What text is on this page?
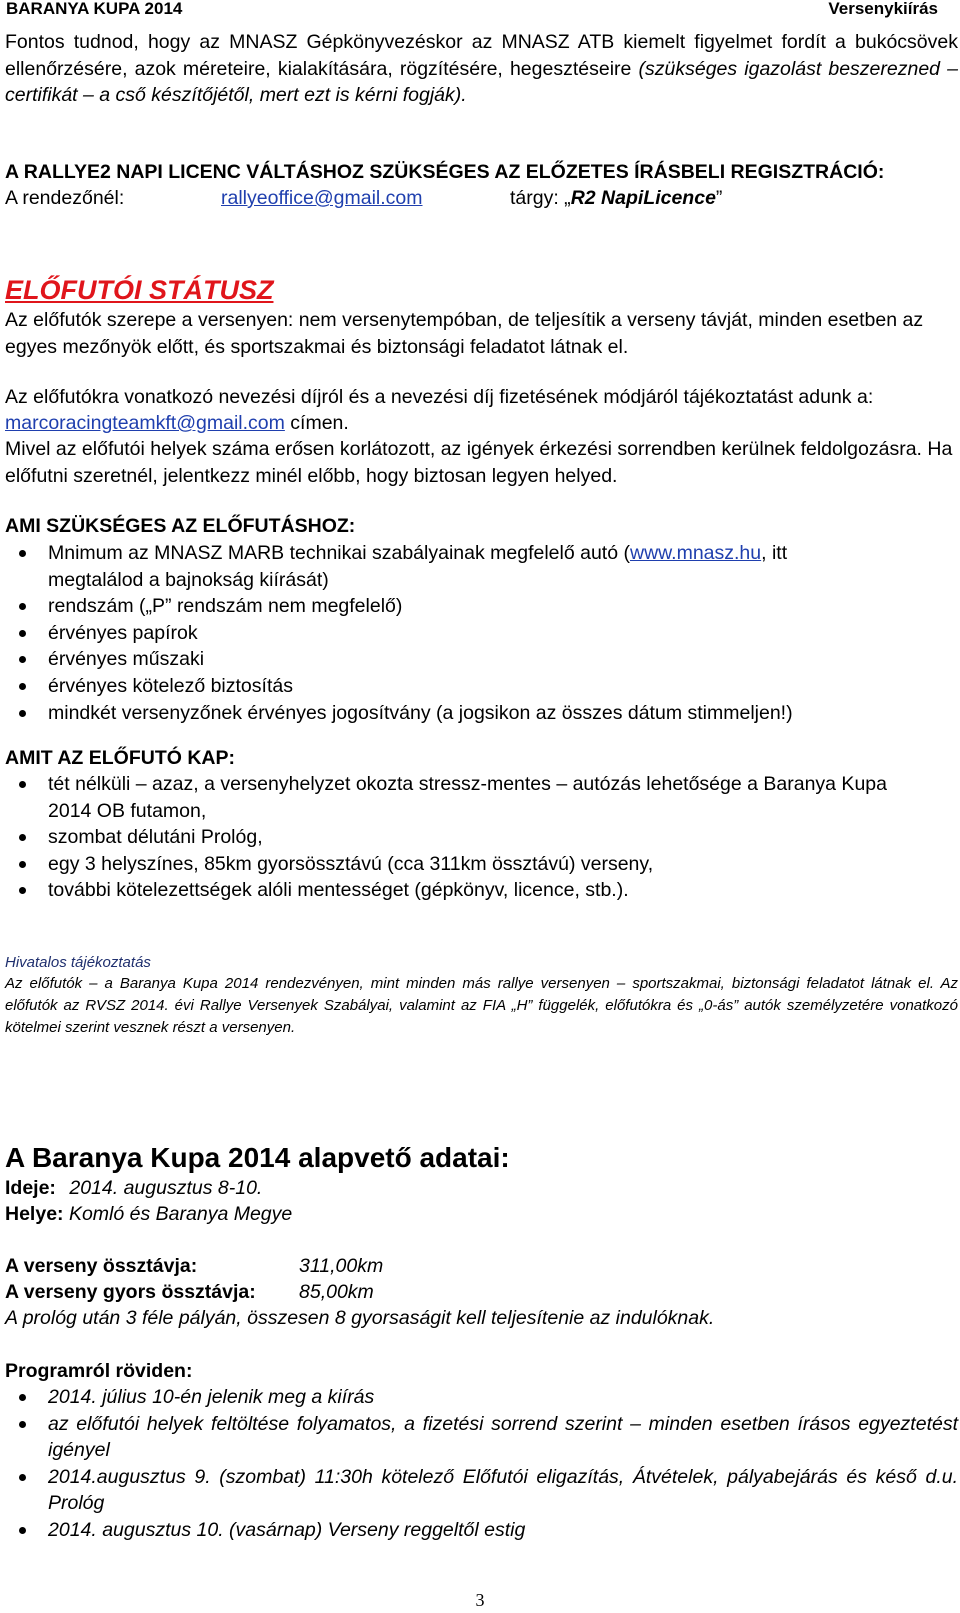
BARANYA KUPA 2014	Versenykiírás

Fontos tudnod, hogy az MNASZ Gépkönyvezéskor az MNASZ ATB kiemelt figyelmet fordít a bukócsövek ellenőrzésére, azok méreteire, kialakítására, rögzítésére, hegesztéseire (szükséges igazolást beszerezned – certifikát – a cső készítőjétől, mert ezt is kérni fogják).

A RALLYE2 NAPI LICENC VÁLTÁSHOZ SZÜKSÉGES AZ ELŐZETES ÍRÁSBELI REGISZTRÁCIÓ:

A rendezőnél:	rallyeoffice@gmail.com	tárgy: „R2 NapiLicence”

ELŐFUTÓI STÁTUSZ

Az előfutók szerepe a versenyen: nem versenytempóban, de teljesítik a verseny távját, minden esetben az egyes mezőnyök előtt, és sportszakmai és biztonsági feladatot látnak el.

Az előfutókra vonatkozó nevezési díjról és a nevezési díj fizetésének módjáról tájékoztatást adunk a:
marcoracingteamkft@gmail.com címen.

Mivel az előfutói helyek száma erősen korlátozott, az igények érkezési sorrendben kerülnek feldolgozásra. Ha előfutni szeretnél, jelentkezz minél előbb, hogy biztosan legyen helyed.

AMI SZÜKSÉGES AZ ELŐFUTÁSHOZ:

Mnimum az MNASZ MARB technikai szabályainak megfelelő autó (www.mnasz.hu, itt megtalálod a bajnokság kiírását)
rendszám („P” rendszám nem megfelelő)
érvényes papírok
érvényes műszaki
érvényes kötelező biztosítás
mindkét versenyzőnek érvényes jogosítvány (a jogsikon az összes dátum stimmeljen!)

AMIT AZ ELŐFUTÓ KAP:

tét nélküli – azaz, a versenyhelyzet okozta stressz-mentes – autózás lehetősége a Baranya Kupa 2014 OB futamon,
szombat délutáni Prológ,
egy 3 helyszínes, 85km gyorsössztávú (cca 311km össztávú) verseny,
további kötelezettségek alóli mentességet (gépkönyv, licence, stb.).

Hivatalos tájékoztatás

Az előfutók – a Baranya Kupa 2014 rendezvényen, mint minden más rallye versenyen – sportszakmai, biztonsági feladatot látnak el. Az előfutók az RVSZ 2014. évi Rallye Versenyek Szabályai, valamint az FIA „H” függelék, előfutókra és „0-ás” autók személyzetére vonatkozó kötelmei szerint vesznek részt a versenyen.

A Baranya Kupa 2014 alapvető adatai:

Ideje: 2014. augusztus 8-10.
Helye: Komló és Baranya Megye
A verseny össztávja:	311,00km
A verseny gyors össztávja: 85,00km

A prológ után 3 féle pályán, összesen 8 gyorsaságit kell teljesítenie az indulóknak.

Programról röviden:

2014. július 10-én jelenik meg a kiírás
az előfutói helyek feltöltése folyamatos, a fizetési sorrend szerint – minden esetben írásos egyeztetést igényel
2014.augusztus 9. (szombat) 11:30h kötelező Előfutói eligazítás, Átvételek, pályabejárás és késő d.u. Prológ
2014. augusztus 10. (vasárnap) Verseny reggeltől estig
3
